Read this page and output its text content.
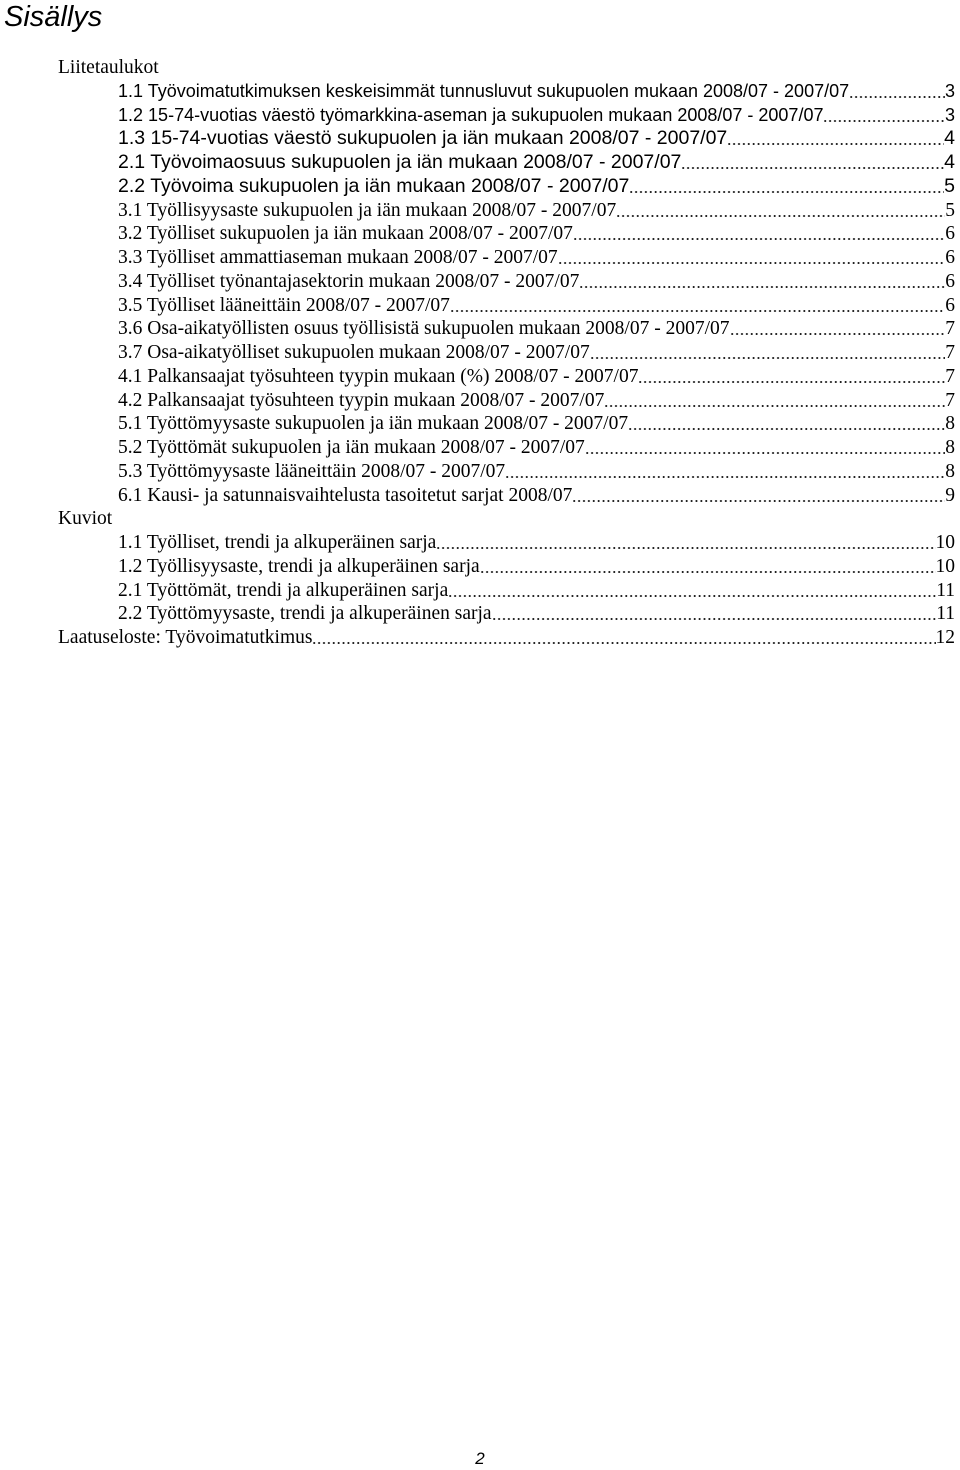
Sisällys
Liitetaulukot
1.1 Työvoimatutkimuksen keskeisimmät tunnusluvut sukupuolen mukaan 2008/07 - 2007/07	3
1.2 15-74-vuotias väestö työmarkkina-aseman ja sukupuolen mukaan 2008/07 - 2007/07	3
1.3 15-74-vuotias väestö sukupuolen ja iän mukaan 2008/07 - 2007/07	4
2.1 Työvoimaosuus sukupuolen ja iän mukaan 2008/07 - 2007/07	4
2.2 Työvoima sukupuolen ja iän mukaan 2008/07 - 2007/07	5
3.1 Työllisyysaste sukupuolen ja iän mukaan 2008/07 - 2007/07	5
3.2 Työlliset sukupuolen ja iän mukaan 2008/07 - 2007/07	6
3.3 Työlliset ammattiaseman mukaan 2008/07 - 2007/07	6
3.4 Työlliset työnantajasektorin mukaan 2008/07 - 2007/07	6
3.5 Työlliset lääneittäin 2008/07 - 2007/07	6
3.6 Osa-aikatyöllisten osuus työllisistä sukupuolen mukaan 2008/07 - 2007/07	7
3.7 Osa-aikatyölliset sukupuolen mukaan 2008/07 - 2007/07	7
4.1 Palkansaajat työsuhteen tyypin mukaan (%) 2008/07 - 2007/07	7
4.2 Palkansaajat työsuhteen tyypin mukaan 2008/07 - 2007/07	7
5.1 Työttömyysaste sukupuolen ja iän mukaan 2008/07 - 2007/07	8
5.2 Työttömät sukupuolen ja iän mukaan 2008/07 - 2007/07	8
5.3 Työttömyysaste lääneittäin 2008/07 - 2007/07	8
6.1 Kausi- ja satunnaisvaihtelusta tasoitetut sarjat 2008/07	9
Kuviot
1.1 Työlliset, trendi ja alkuperäinen sarja	10
1.2 Työllisyysaste, trendi ja alkuperäinen sarja	10
2.1 Työttömät, trendi ja alkuperäinen sarja	11
2.2 Työttömyysaste, trendi ja alkuperäinen sarja	11
Laatuseloste: Työvoimatutkimus	12
2
